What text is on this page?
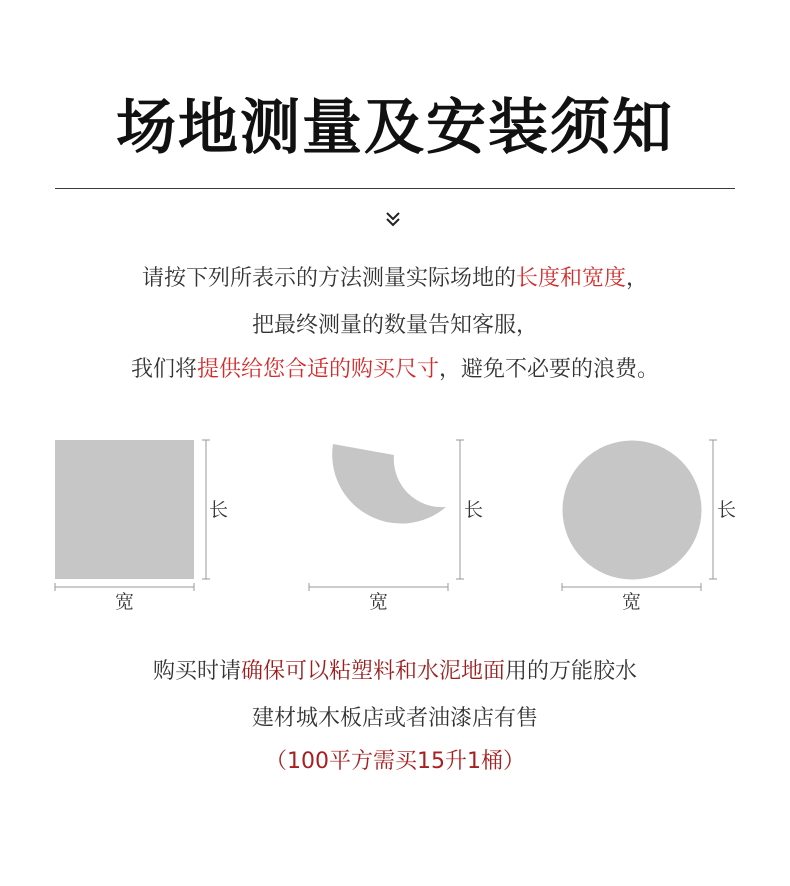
场地测量及安装须知
请按下列所表示的方法测量实际场地的长度和宽度，
把最终测量的数量告知客服，
我们将提供给您合适的购买尺寸，避免不必要的浪费。
长
宽
长
宽
长
宽
购买时请确保可以粘塑料和水泥地面用的万能胶水
建材城木板店或者油漆店有售
（100平方需买15升1桶）
